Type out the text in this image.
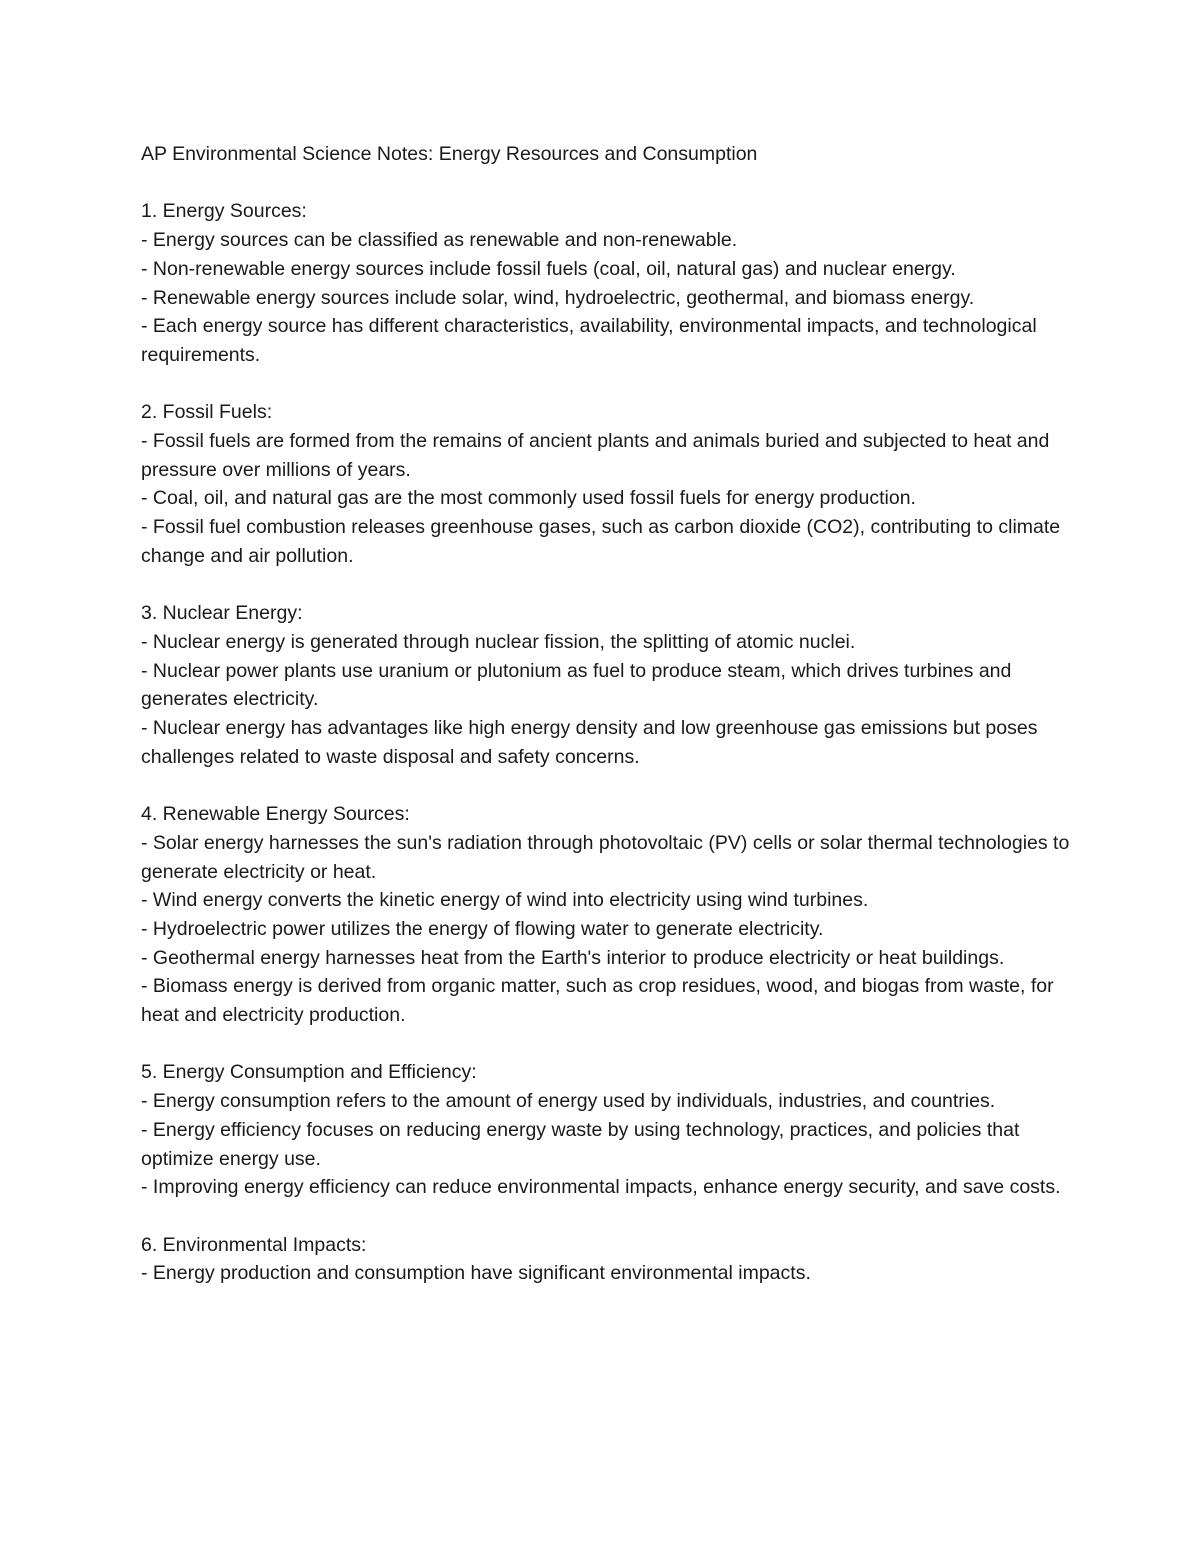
AP Environmental Science Notes: Energy Resources and Consumption
1. Energy Sources:
- Energy sources can be classified as renewable and non-renewable.
- Non-renewable energy sources include fossil fuels (coal, oil, natural gas) and nuclear energy.
- Renewable energy sources include solar, wind, hydroelectric, geothermal, and biomass energy.
- Each energy source has different characteristics, availability, environmental impacts, and technological requirements.
2. Fossil Fuels:
- Fossil fuels are formed from the remains of ancient plants and animals buried and subjected to heat and pressure over millions of years.
- Coal, oil, and natural gas are the most commonly used fossil fuels for energy production.
- Fossil fuel combustion releases greenhouse gases, such as carbon dioxide (CO2), contributing to climate change and air pollution.
3. Nuclear Energy:
- Nuclear energy is generated through nuclear fission, the splitting of atomic nuclei.
- Nuclear power plants use uranium or plutonium as fuel to produce steam, which drives turbines and generates electricity.
- Nuclear energy has advantages like high energy density and low greenhouse gas emissions but poses challenges related to waste disposal and safety concerns.
4. Renewable Energy Sources:
- Solar energy harnesses the sun's radiation through photovoltaic (PV) cells or solar thermal technologies to generate electricity or heat.
- Wind energy converts the kinetic energy of wind into electricity using wind turbines.
- Hydroelectric power utilizes the energy of flowing water to generate electricity.
- Geothermal energy harnesses heat from the Earth's interior to produce electricity or heat buildings.
- Biomass energy is derived from organic matter, such as crop residues, wood, and biogas from waste, for heat and electricity production.
5. Energy Consumption and Efficiency:
- Energy consumption refers to the amount of energy used by individuals, industries, and countries.
- Energy efficiency focuses on reducing energy waste by using technology, practices, and policies that optimize energy use.
- Improving energy efficiency can reduce environmental impacts, enhance energy security, and save costs.
6. Environmental Impacts:
- Energy production and consumption have significant environmental impacts.
